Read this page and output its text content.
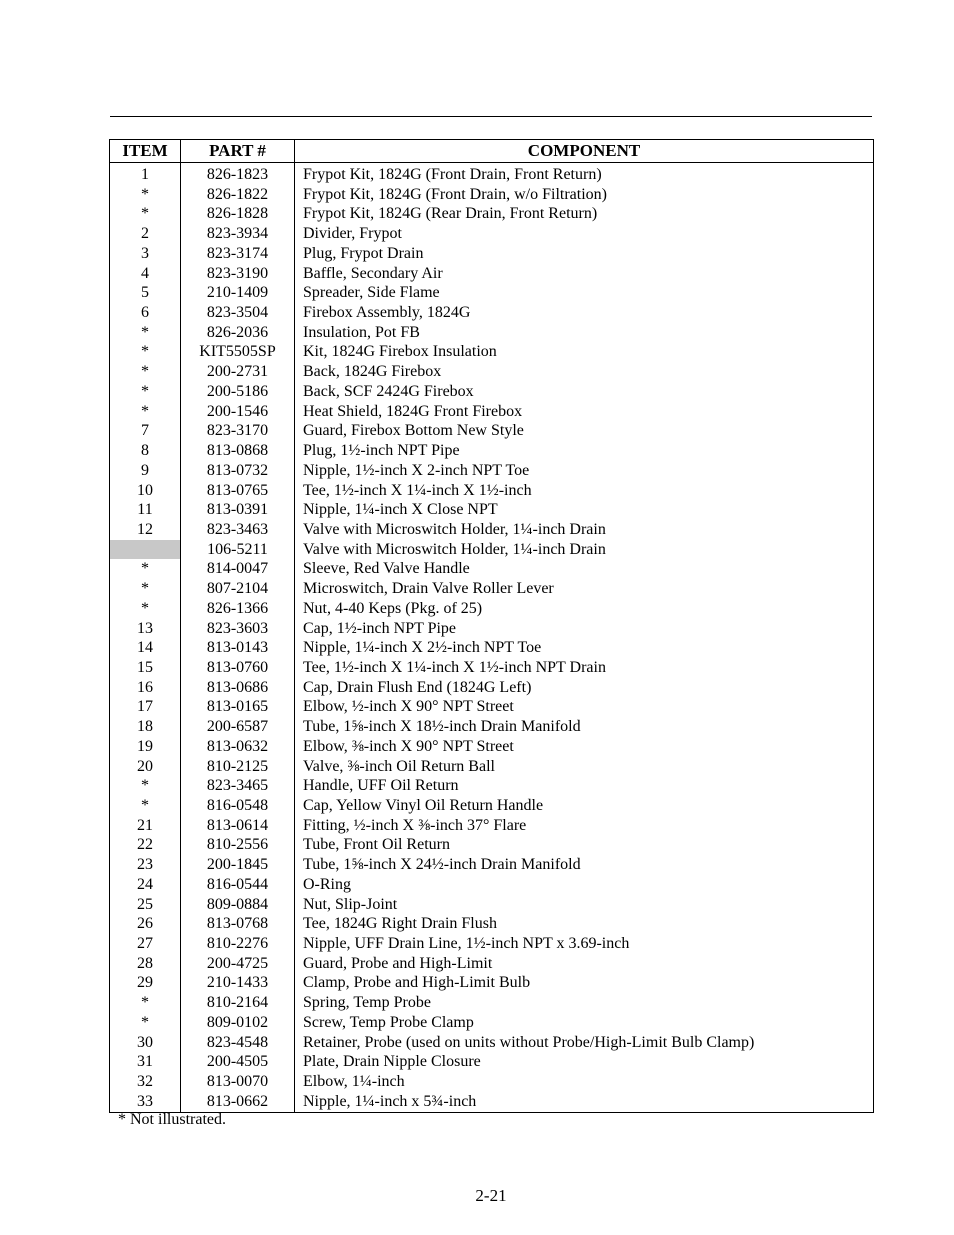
ITEM	PART #	COMPONENT
1	826-1823	Frypot Kit, 1824G (Front Drain, Front Return)
*	826-1822	Frypot Kit, 1824G (Front Drain, w/o Filtration)
*	826-1828	Frypot Kit, 1824G (Rear Drain, Front Return)
2	823-3934	Divider, Frypot
3	823-3174	Plug, Frypot Drain
4	823-3190	Baffle, Secondary Air
5	210-1409	Spreader, Side Flame
6	823-3504	Firebox Assembly, 1824G
*	826-2036	Insulation, Pot FB
*	KIT5505SP	Kit, 1824G Firebox Insulation
*	200-2731	Back, 1824G Firebox
*	200-5186	Back, SCF 2424G Firebox
*	200-1546	Heat Shield, 1824G Front Firebox
7	823-3170	Guard, Firebox Bottom New Style
8	813-0868	Plug, 1½-inch NPT Pipe
9	813-0732	Nipple, 1½-inch X 2-inch NPT Toe
10	813-0765	Tee, 1½-inch X 1¼-inch X 1½-inch
11	813-0391	Nipple, 1¼-inch X Close NPT
12	823-3463	Valve with Microswitch Holder, 1¼-inch Drain
	106-5211	Valve with Microswitch Holder, 1¼-inch Drain
*	814-0047	Sleeve, Red Valve Handle
*	807-2104	Microswitch, Drain Valve Roller Lever
*	826-1366	Nut, 4-40 Keps (Pkg. of 25)
13	823-3603	Cap, 1½-inch NPT Pipe
14	813-0143	Nipple, 1¼-inch X 2½-inch NPT Toe
15	813-0760	Tee, 1½-inch X 1¼-inch X 1½-inch NPT Drain
16	813-0686	Cap, Drain Flush End (1824G Left)
17	813-0165	Elbow, ½-inch X 90° NPT Street
18	200-6587	Tube, 1⅝-inch X 18½-inch Drain Manifold
19	813-0632	Elbow, ⅜-inch X 90° NPT Street
20	810-2125	Valve, ⅜-inch Oil Return Ball
*	823-3465	Handle, UFF Oil Return
*	816-0548	Cap, Yellow Vinyl Oil Return Handle
21	813-0614	Fitting, ½-inch X ⅜-inch 37° Flare
22	810-2556	Tube, Front Oil Return
23	200-1845	Tube, 1⅝-inch X 24½-inch Drain Manifold
24	816-0544	O-Ring
25	809-0884	Nut, Slip-Joint
26	813-0768	Tee, 1824G Right Drain Flush
27	810-2276	Nipple, UFF Drain Line, 1½-inch NPT x 3.69-inch
28	200-4725	Guard, Probe and High-Limit
29	210-1433	Clamp, Probe and High-Limit Bulb
*	810-2164	Spring, Temp Probe
*	809-0102	Screw, Temp Probe Clamp
30	823-4548	Retainer, Probe (used on units without Probe/High-Limit Bulb Clamp)
31	200-4505	Plate, Drain Nipple Closure
32	813-0070	Elbow, 1¼-inch
33	813-0662	Nipple, 1¼-inch x 5¾-inch
* Not illustrated.
2-21
